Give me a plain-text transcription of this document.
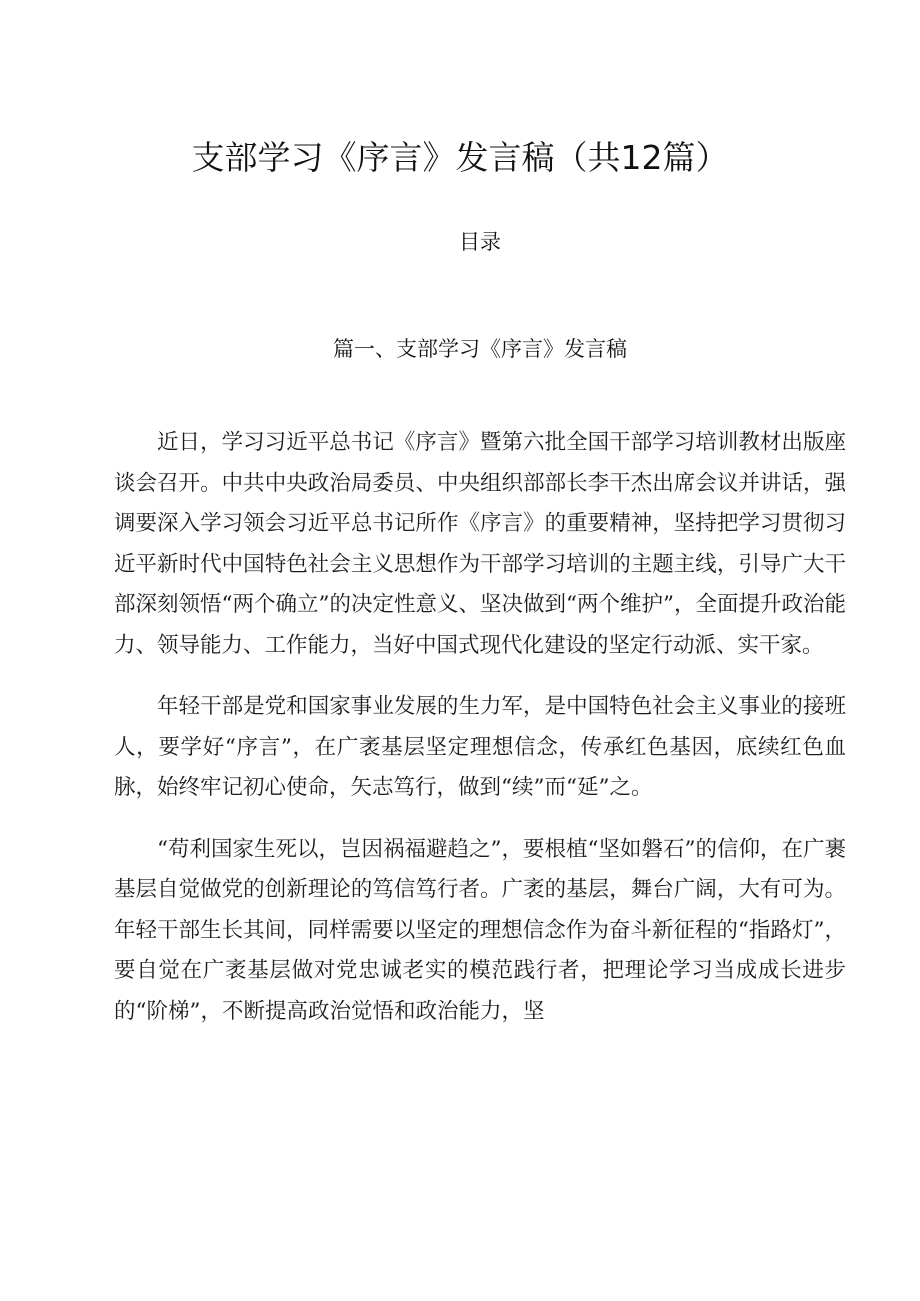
支部学习《序言》发言稿（共12篇）
目录
篇一、支部学习《序言》发言稿

近日，学习习近平总书记《序言》暨第六批全国干部学习培训教材出版座谈会召开。中共中央政治局委员、中央组织部部长李干杰出席会议并讲话，强调要深入学习领会习近平总书记所作《序言》的重要精神，坚持把学习贯彻习近平新时代中国特色社会主义思想作为干部学习培训的主题主线，引导广大干部深刻领悟“两个确立”的决定性意义、坚决做到“两个维护”，全面提升政治能力、领导能力、工作能力，当好中国式现代化建设的坚定行动派、实干家。

年轻干部是党和国家事业发展的生力军，是中国特色社会主义事业的接班人，要学好“序言”，在广袤基层坚定理想信念，传承红色基因，底续红色血脉，始终牢记初心使命，矢志笃行，做到“续”而“延”之。

“苟利国家生死以，岂因祸福避趋之”，要根植“坚如磐石”的信仰，在广裹基层自觉做党的创新理论的笃信笃行者。广袤的基层，舞台广阔，大有可为。年轻干部生长其间，同样需要以坚定的理想信念作为奋斗新征程的“指路灯”，要自觉在广袤基层做对党忠诚老实的模范践行者，把理论学习当成成长进步的“阶梯”，不断提高政治觉悟和政治能力，坚
